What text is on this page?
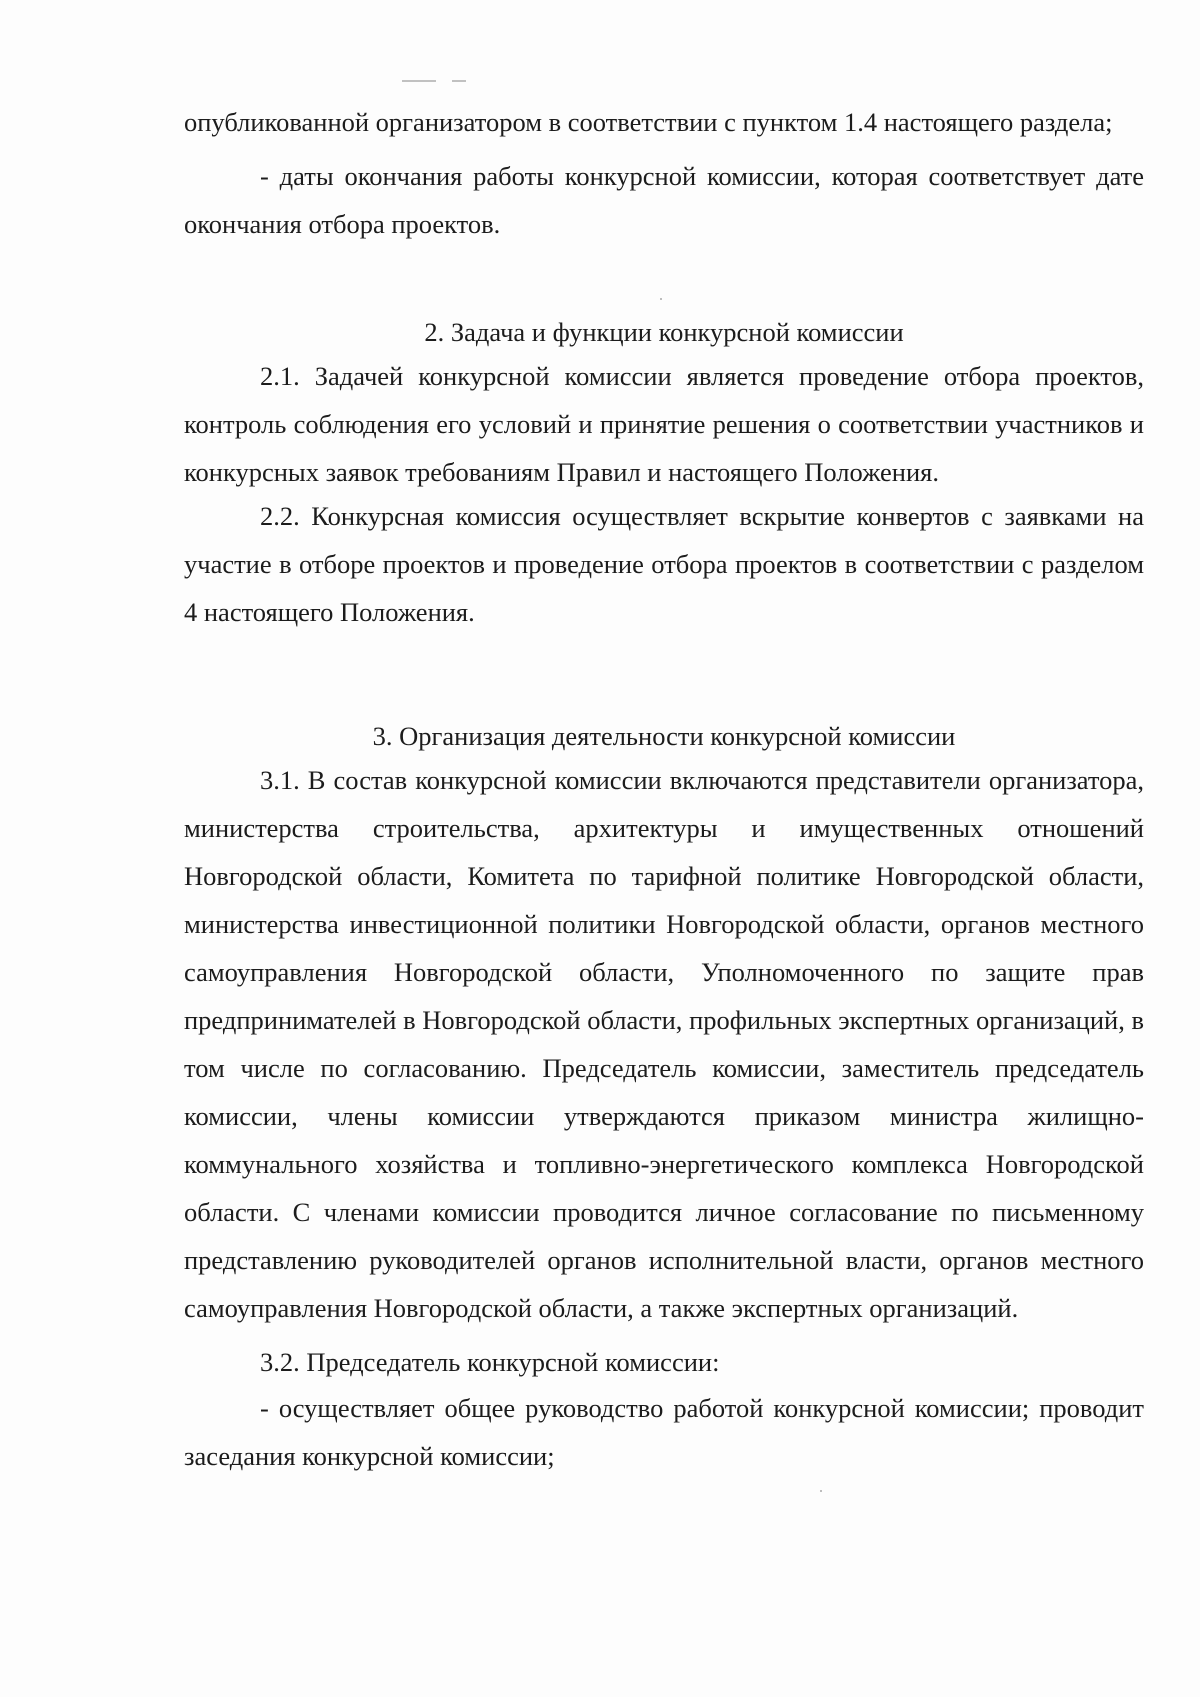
опубликованной организатором в соответствии с пунктом 1.4 настоящего раздела;

- даты окончания работы конкурсной комиссии, которая соответствует дате окончания отбора проектов.

2. Задача и функции конкурсной комиссии

2.1. Задачей конкурсной комиссии является проведение отбора проектов, контроль соблюдения его условий и принятие решения о соответствии участников и конкурсных заявок требованиям Правил и настоящего Положения.

2.2. Конкурсная комиссия осуществляет вскрытие конвертов с заявками на участие в отборе проектов и проведение отбора проектов в соответствии с разделом 4 настоящего Положения.

3. Организация деятельности конкурсной комиссии

3.1. В состав конкурсной комиссии включаются представители организатора, министерства строительства, архитектуры и имущественных отношений Новгородской области, Комитета по тарифной политике Новгородской области, министерства инвестиционной политики Новгородской области, органов местного самоуправления Новгородской области, Уполномоченного по защите прав предпринимателей в Новгородской области, профильных экспертных организаций, в том числе по согласованию. Председатель комиссии, заместитель председатель комиссии, члены комиссии утверждаются приказом министра жилищно-коммунального хозяйства и топливно-энергетического комплекса Новгородской области. С членами комиссии проводится личное согласование по письменному представлению руководителей органов исполнительной власти, органов местного самоуправления Новгородской области, а также экспертных организаций.

3.2. Председатель конкурсной комиссии:

- осуществляет общее руководство работой конкурсной комиссии; проводит заседания конкурсной комиссии;
